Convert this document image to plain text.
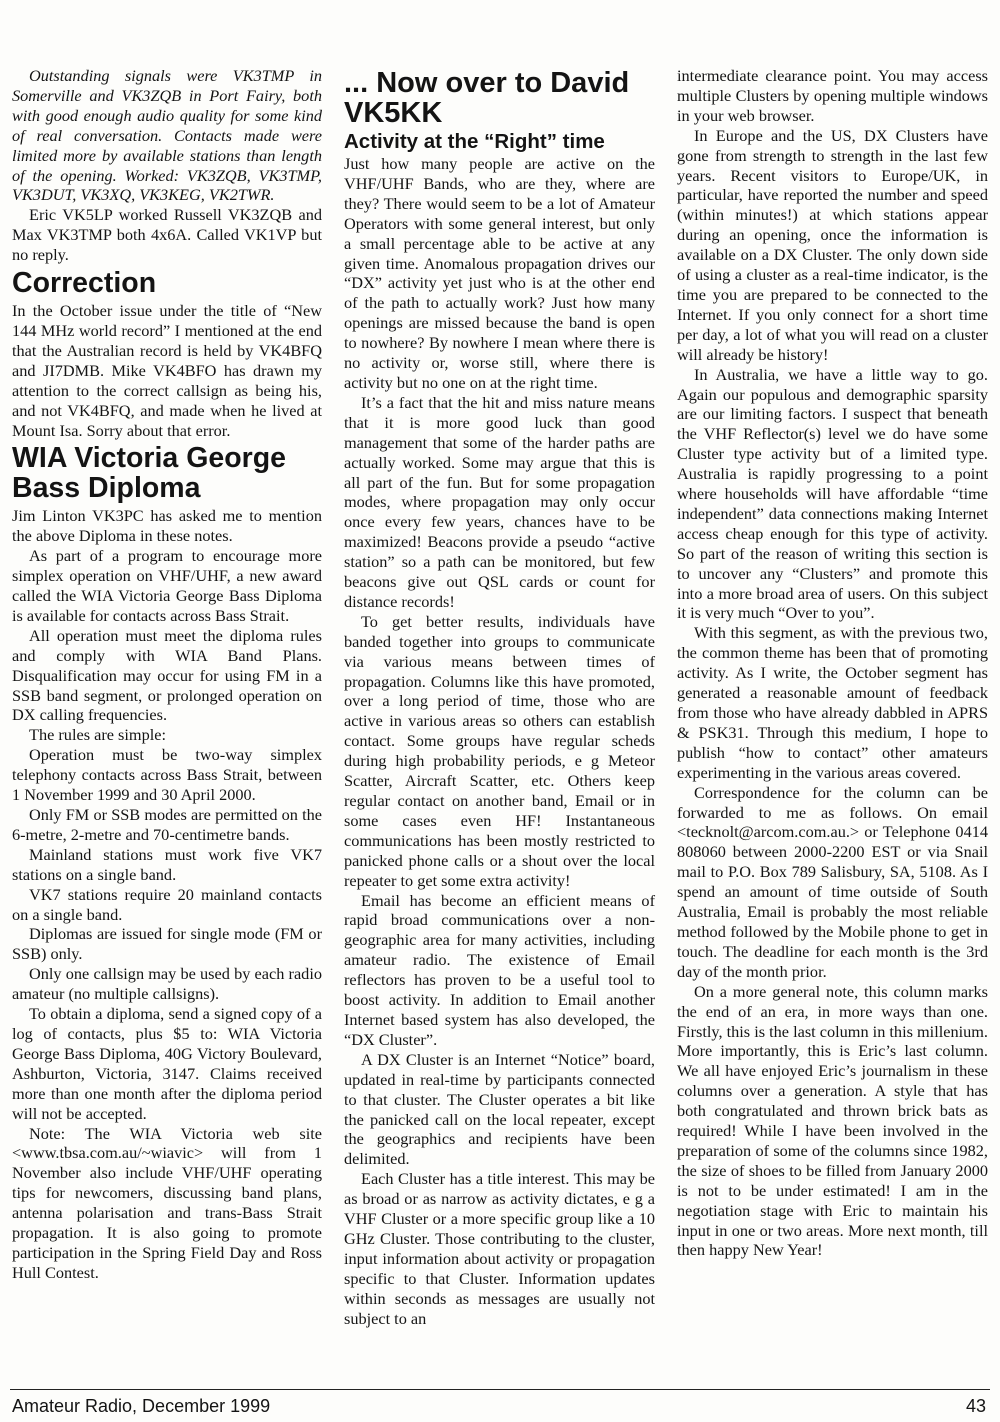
Outstanding signals were VK3TMP in Somerville and VK3ZQB in Port Fairy, both with good enough audio quality for some kind of real conversation. Contacts made were limited more by available stations than length of the opening. Worked: VK3ZQB, VK3TMP, VK3DUT, VK3XQ, VK3KEG, VK2TWR.

Eric VK5LP worked Russell VK3ZQB and Max VK3TMP both 4x6A. Called VK1VP but no reply.

Correction

In the October issue under the title of “New 144 MHz world record” I mentioned at the end that the Australian record is held by VK4BFQ and JI7DMB. Mike VK4BFO has drawn my attention to the correct callsign as being his, and not VK4BFQ, and made when he lived at Mount Isa. Sorry about that error.

WIA Victoria George Bass Diploma

Jim Linton VK3PC has asked me to mention the above Diploma in these notes.

As part of a program to encourage more simplex operation on VHF/UHF, a new award called the WIA Victoria George Bass Diploma is available for contacts across Bass Strait.

All operation must meet the diploma rules and comply with WIA Band Plans. Disqualification may occur for using FM in a SSB band segment, or prolonged operation on DX calling frequencies.

The rules are simple:

Operation must be two-way simplex telephony contacts across Bass Strait, between 1 November 1999 and 30 April 2000.

Only FM or SSB modes are permitted on the 6-metre, 2-metre and 70-centimetre bands.

Mainland stations must work five VK7 stations on a single band.

VK7 stations require 20 mainland contacts on a single band.

Diplomas are issued for single mode (FM or SSB) only.

Only one callsign may be used by each radio amateur (no multiple callsigns).

To obtain a diploma, send a signed copy of a log of contacts, plus $5 to: WIA Victoria George Bass Diploma, 40G Victory Boulevard, Ashburton, Victoria, 3147. Claims received more than one month after the diploma period will not be accepted.

Note: The WIA Victoria web site <www.tbsa.com.au/~wiavic> will from 1 November also include VHF/UHF operating tips for newcomers, discussing band plans, antenna polarisation and trans-Bass Strait propagation. It is also going to promote participation in the Spring Field Day and Ross Hull Contest.

... Now over to David VK5KK
Activity at the “Right” time

Just how many people are active on the VHF/UHF Bands, who are they, where are they? There would seem to be a lot of Amateur Operators with some general interest, but only a small percentage able to be active at any given time. Anomalous propagation drives our “DX” activity yet just who is at the other end of the path to actually work? Just how many openings are missed because the band is open to nowhere? By nowhere I mean where there is no activity or, worse still, where there is activity but no one on at the right time.

It’s a fact that the hit and miss nature means that it is more good luck than good management that some of the harder paths are actually worked. Some may argue that this is all part of the fun. But for some propagation modes, where propagation may only occur once every few years, chances have to be maximized! Beacons provide a pseudo “active station” so a path can be monitored, but few beacons give out QSL cards or count for distance records!

To get better results, individuals have banded together into groups to communicate via various means between times of propagation. Columns like this have promoted, over a long period of time, those who are active in various areas so others can establish contact. Some groups have regular scheds during high probability periods, e g Meteor Scatter, Aircraft Scatter, etc. Others keep regular contact on another band, Email or in some cases even HF! Instantaneous communications has been mostly restricted to panicked phone calls or a shout over the local repeater to get some extra activity!

Email has become an efficient means of rapid broad communications over a non-geographic area for many activities, including amateur radio. The existence of Email reflectors has proven to be a useful tool to boost activity. In addition to Email another Internet based system has also developed, the “DX Cluster”.

A DX Cluster is an Internet “Notice” board, updated in real-time by participants connected to that cluster. The Cluster operates a bit like the panicked call on the local repeater, except the geographics and recipients have been delimited.

Each Cluster has a title interest. This may be as broad or as narrow as activity dictates, e g a VHF Cluster or a more specific group like a 10 GHz Cluster. Those contributing to the cluster, input information about activity or propagation specific to that Cluster. Information updates within seconds as messages are usually not subject to an

intermediate clearance point. You may access multiple Clusters by opening multiple windows in your web browser.

In Europe and the US, DX Clusters have gone from strength to strength in the last few years. Recent visitors to Europe/UK, in particular, have reported the number and speed (within minutes!) at which stations appear during an opening, once the information is available on a DX Cluster. The only down side of using a cluster as a real-time indicator, is the time you are prepared to be connected to the Internet. If you only connect for a short time per day, a lot of what you will read on a cluster will already be history!

In Australia, we have a little way to go. Again our populous and demographic sparsity are our limiting factors. I suspect that beneath the VHF Reflector(s) level we do have some Cluster type activity but of a limited type. Australia is rapidly progressing to a point where households will have affordable “time independent” data connections making Internet access cheap enough for this type of activity. So part of the reason of writing this section is to uncover any “Clusters” and promote this into a more broad area of users. On this subject it is very much “Over to you”.

With this segment, as with the previous two, the common theme has been that of promoting activity. As I write, the October segment has generated a reasonable amount of feedback from those who have already dabbled in APRS & PSK31. Through this medium, I hope to publish “how to contact” other amateurs experimenting in the various areas covered.

Correspondence for the column can be forwarded to me as follows. On email <tecknolt@arcom.com.au.> or Telephone 0414 808060 between 2000-2200 EST or via Snail mail to P.O. Box 789 Salisbury, SA, 5108. As I spend an amount of time outside of South Australia, Email is probably the most reliable method followed by the Mobile phone to get in touch. The deadline for each month is the 3rd day of the month prior.

On a more general note, this column marks the end of an era, in more ways than one. Firstly, this is the last column in this millenium. More importantly, this is Eric’s last column. We all have enjoyed Eric’s journalism in these columns over a generation. A style that has both congratulated and thrown brick bats as required! While I have been involved in the preparation of some of the columns since 1982, the size of shoes to be filled from January 2000 is not to be under estimated! I am in the negotiation stage with Eric to maintain his input in one or two areas. More next month, till then happy New Year!

Amateur Radio, December 1999	43
